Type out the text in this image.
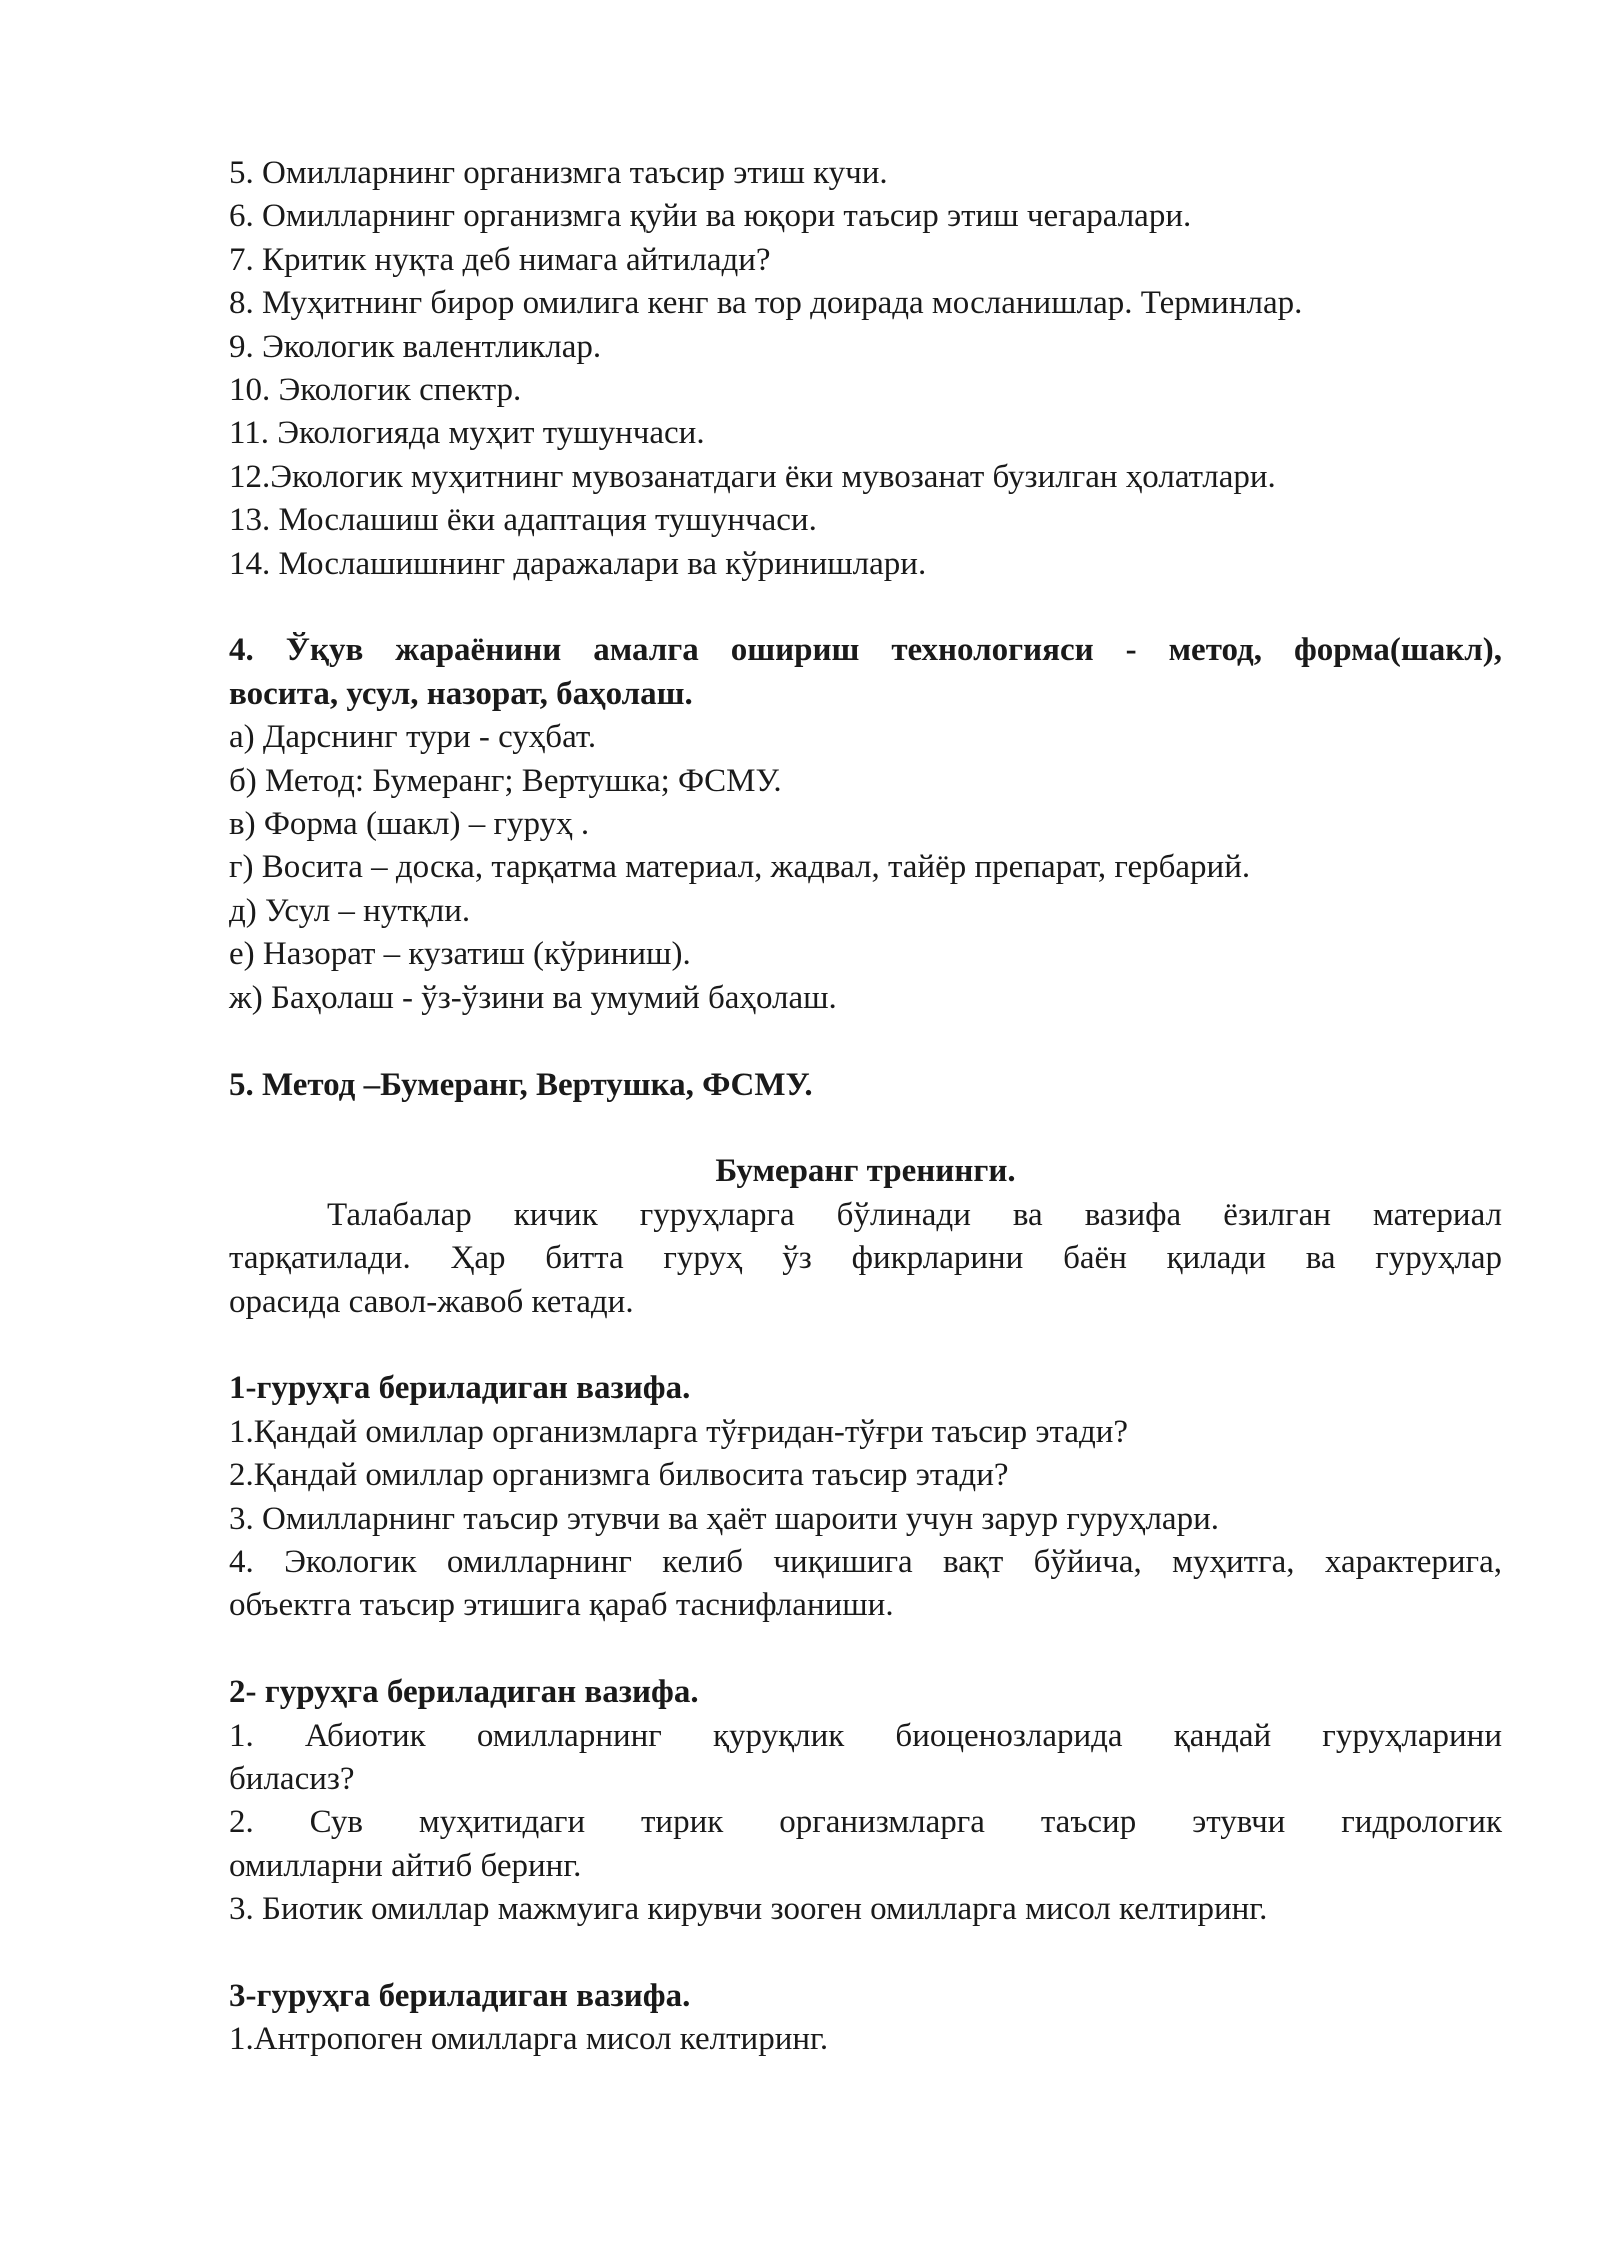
5. Омилларнинг организмга таъсир этиш кучи.
6. Омилларнинг организмга қуйи ва юқори таъсир этиш чегаралари.
7. Критик нуқта деб нимага айтилади?
8. Муҳитнинг бирор омилига кенг ва тор доирада мосланишлар. Терминлар.
9. Экологик валентликлар.
10. Экологик спектр.
11. Экологияда муҳит тушунчаси.
12.Экологик муҳитнинг мувозанатдаги ёки мувозанат бузилган ҳолатлари.
13. Мослашиш ёки адаптация тушунчаси.
14. Мослашишнинг даражалари ва кўринишлари.
4. Ўқув жараёнини амалга ошириш технологияси - метод, форма(шакл),
восита, усул, назорат, баҳолаш.
а) Дарснинг тури - суҳбат.
б) Метод: Бумеранг; Вертушка; ФСМУ.
в) Форма (шакл) – гуруҳ .
г) Восита – доска, тарқатма материал, жадвал, тайёр препарат, гербарий.
д) Усул – нутқли.
е) Назорат – кузатиш (кўриниш).
ж) Баҳолаш - ўз-ўзини ва умумий баҳолаш.
5. Метод –Бумеранг, Вертушка, ФСМУ.
Бумеранг тренинги.
Талабалар кичик гуруҳларга бўлинади ва вазифа ёзилган материал
тарқатилади. Ҳар битта гуруҳ ўз фикрларини баён қилади ва гуруҳлар
орасида савол-жавоб кетади.
1-гуруҳга бериладиган вазифа.
1.Қандай омиллар организмларга тўғридан-тўғри таъсир этади?
2.Қандай омиллар организмга билвосита таъсир этади?
3. Омилларнинг таъсир этувчи ва ҳаёт шароити учун зарур гуруҳлари.
4. Экологик омилларнинг келиб чиқишига вақт бўйича, муҳитга, характерига,
объектга таъсир этишига қараб таснифланиши.
2- гуруҳга бериладиган вазифа.
1. Абиотик омилларнинг қуруқлик биоценозларида қандай гуруҳларини
биласиз?
2. Сув муҳитидаги тирик организмларга таъсир этувчи гидрологик
омилларни айтиб беринг.
3. Биотик омиллар мажмуига кирувчи зooген омилларга мисол келтиринг.
3-гуруҳга бериладиган вазифа.
1.Антропоген омилларга мисол келтиринг.
